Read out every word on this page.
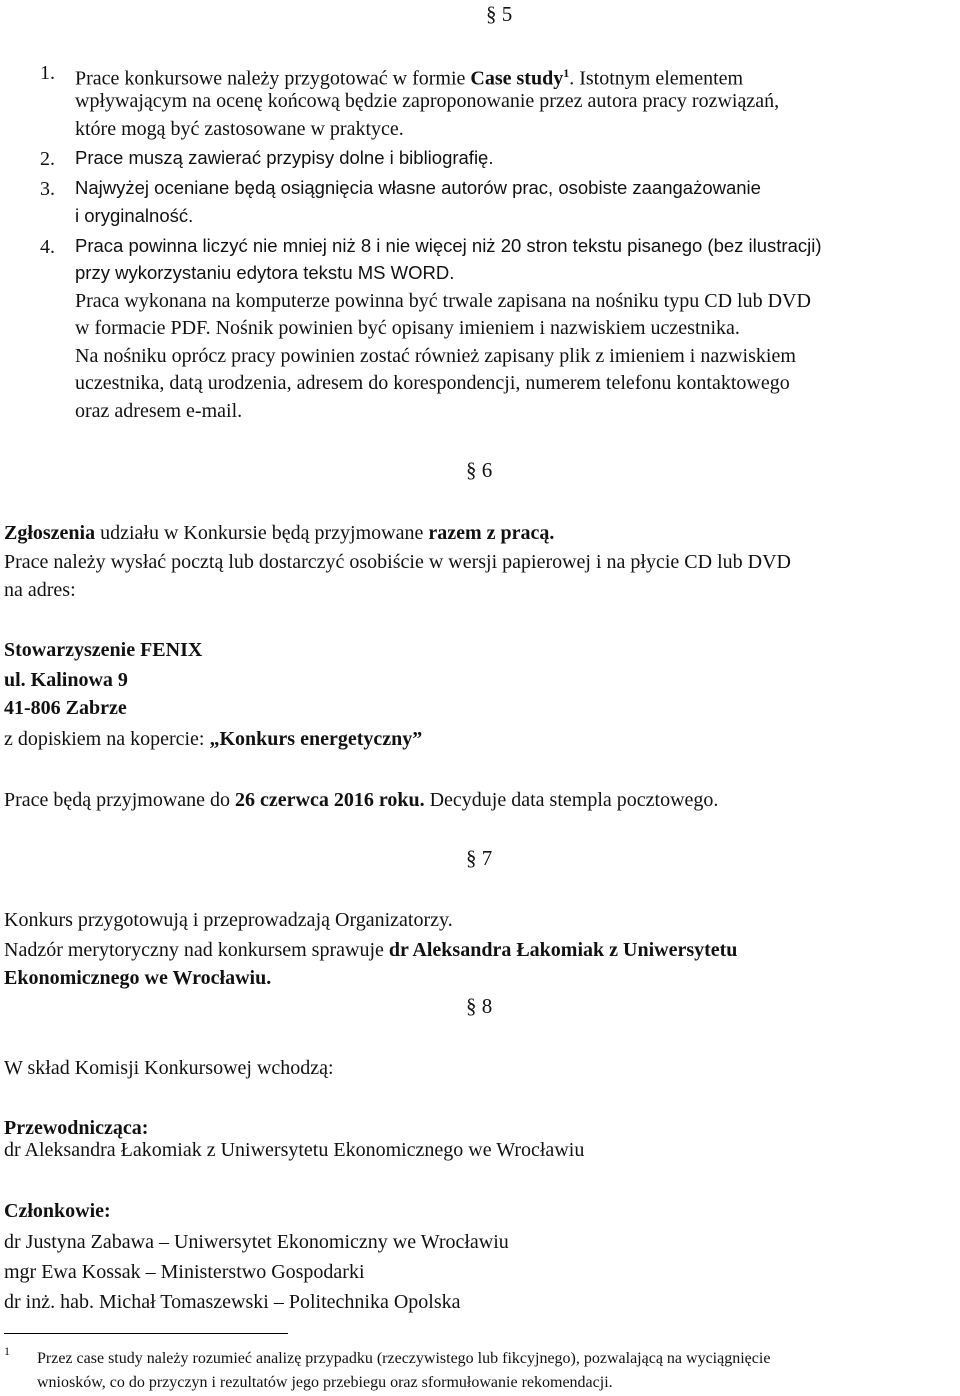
§ 5
1. Prace konkursowe należy przygotować w formie Case study$^1$. Istotnym elementem
wpływającym na ocenę końcową będzie zaproponowanie przez autora pracy rozwiązań,
które mogą być zastosowane w praktyce.
2. Prace muszą zawierać przypisy dolne i bibliografię.
3. Najwyżej oceniane będą osiągnięcia własne autorów prac, osobiste zaangażowanie
i oryginalność.
4. Praca powinna liczyć nie mniej niż 8 i nie więcej niż 20 stron tekstu pisanego (bez ilustracji)
przy wykorzystaniu edytora tekstu MS WORD.
Praca wykonana na komputerze powinna być trwale zapisana na nośniku typu CD lub DVD
w formacie PDF. Nośnik powinien być opisany imieniem i nazwiskiem uczestnika.
Na nośniku oprócz pracy powinien zostać również zapisany plik z imieniem i nazwiskiem
uczestnika, datą urodzenia, adresem do korespondencji, numerem telefonu kontaktowego
oraz adresem e-mail.
§ 6
Zgłoszenia udziału w Konkursie będą przyjmowane razem z pracą.
Prace należy wysłać pocztą lub dostarczyć osobiście w wersji papierowej i na płycie CD lub DVD
na adres:
Stowarzyszenie FENIX
ul. Kalinowa 9
41-806 Zabrze
z dopiskiem na kopercie: „Konkurs energetyczny”
Prace będą przyjmowane do 26 czerwca 2016 roku. Decyduje data stempla pocztowego.
§ 7
Konkurs przygotowują i przeprowadzają Organizatorzy.
Nadzór merytoryczny nad konkursem sprawuje dr Aleksandra Łakomiak z Uniwersytetu
Ekonomicznego we Wrocławiu.
§ 8
W skład Komisji Konkursowej wchodzą:
Przewodnicząca:
dr Aleksandra Łakomiak z Uniwersytetu Ekonomicznego we Wrocławiu
Członkowie:
dr Justyna Zabawa – Uniwersytet Ekonomiczny we Wrocławiu
mgr Ewa Kossak – Ministerstwo Gospodarki
dr inż. hab. Michał Tomaszewski – Politechnika Opolska
1 Przez case study należy rozumieć analizę przypadku (rzeczywistego lub fikcyjnego), pozwalającą na wyciągnięcie
wniosków, co do przyczyn i rezultatów jego przebiegu oraz sformułowanie rekomendacji.
